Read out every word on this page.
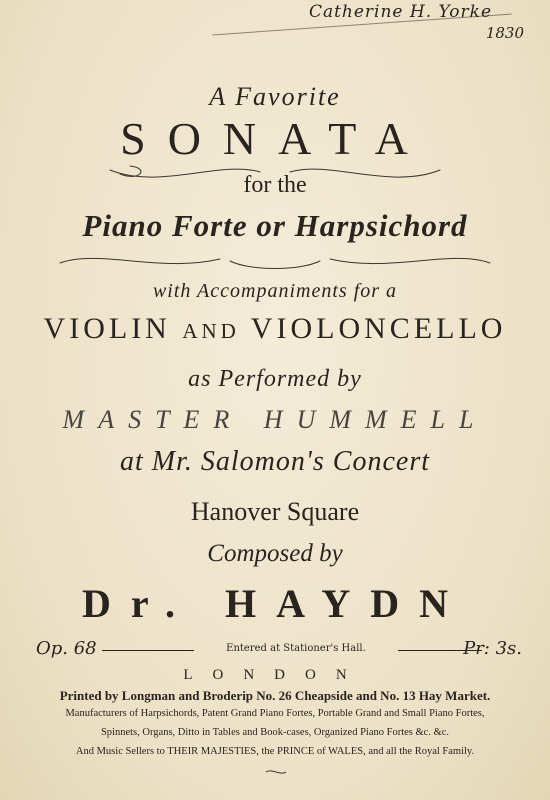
Catherine H. Yorke
1830
A Favorite
SONATA
for the
Piano Forte or Harpsichord
with Accompaniments for a
VIOLIN and VIOLONCELLO
as Performed by
MASTER HUMMELL
at Mr. Salomon's Concert
Hanover Square
Composed by
Dr. HAYDN
Op. 68	Entered at Stationer's Hall.	Pr: 3s.
LONDON
Printed by Longman and Broderip No. 26 Cheapside and No. 13 Hay Market.
Manufacturers of Harpsichords, Patent Grand Piano Fortes, Portable Grand and Small Piano Fortes,
Spinnets, Organs, Ditto in Tables and Book-cases, Organized Piano Fortes &c. &c.
And Music Sellers to THEIR MAJESTIES, the PRINCE of WALES, and all the Royal Family.
